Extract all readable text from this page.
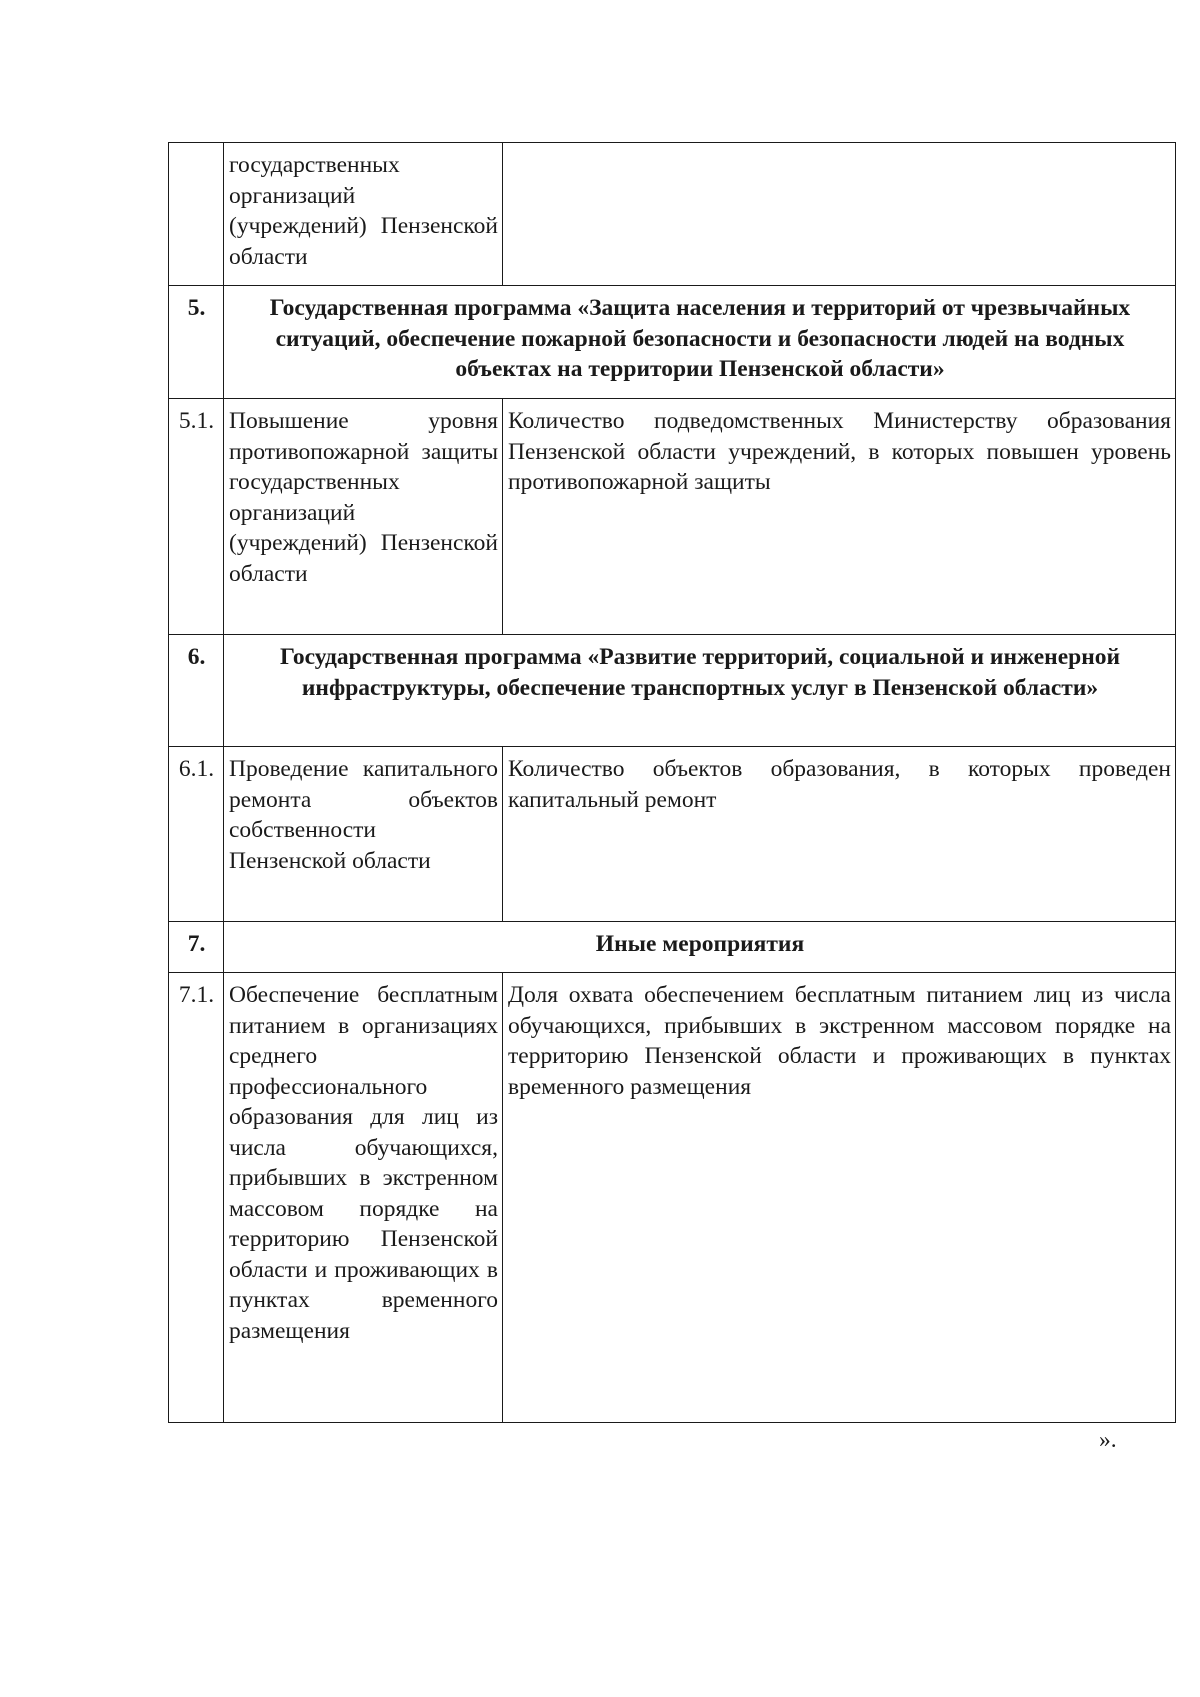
	государственных организаций (учреждений) Пензенской области	
5.	Государственная программа «Защита населения и территорий от чрезвычайных ситуаций, обеспечение пожарной безопасности и безопасности людей на водных объектах на территории Пензенской области»	
5.1.	Повышение уровня противопожарной защиты государственных организаций (учреждений) Пензенской области	Количество подведомственных Министерству образования Пензенской области учреждений, в которых повышен уровень противопожарной защиты
6.	Государственная программа «Развитие территорий, социальной и инженерной инфраструктуры, обеспечение транспортных услуг в Пензенской области»	
6.1.	Проведение капитального ремонта объектов собственности Пензенской области	Количество объектов образования, в которых проведен капитальный ремонт
7.	Иные мероприятия	
7.1.	Обеспечение бесплатным питанием в организациях среднего профессионального образования для лиц из числа обучающихся, прибывших в экстренном массовом порядке на территорию Пензенской области и проживающих в пунктах временного размещения	Доля охвата обеспечением бесплатным питанием лиц из числа обучающихся, прибывших в экстренном массовом порядке на территорию Пензенской области и проживающих в пунктах временного размещения
».
